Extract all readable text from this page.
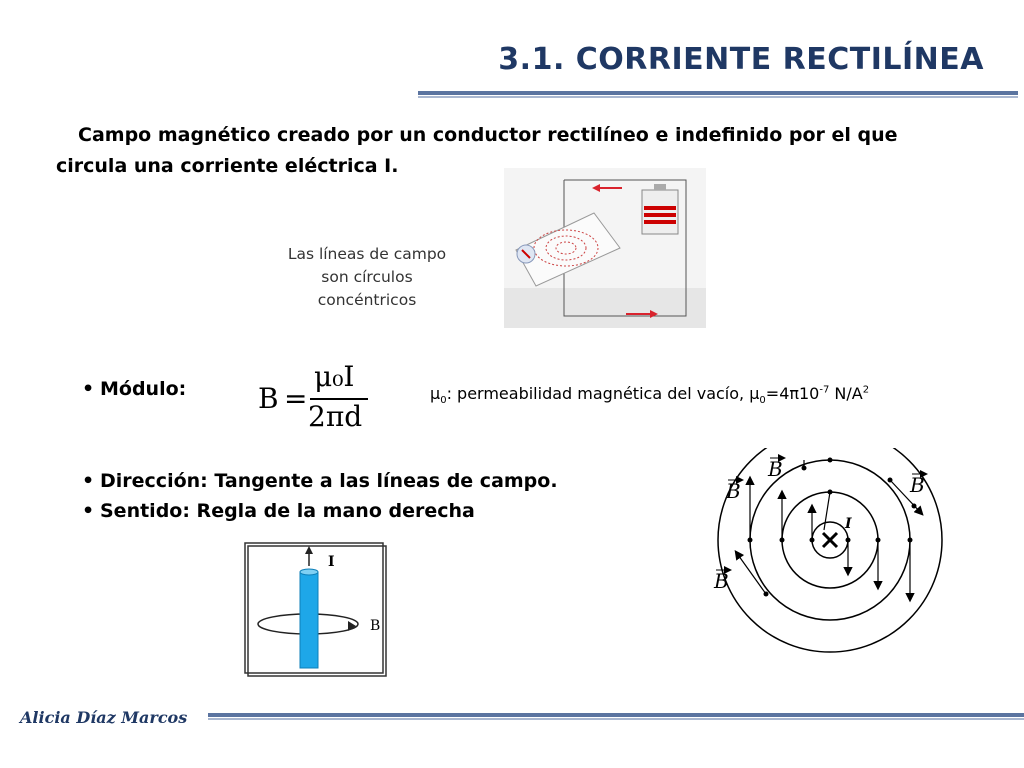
3.1. CORRIENTE RECTILÍNEA
Campo magnético creado por un conductor rectilíneo e indefinido por el que circula una corriente eléctrica I.
Las líneas de campo son círculos concéntricos
• Módulo:
• Dirección: Tangente a las líneas de campo.
• Sentido: Regla de la mano derecha
B =
μ₀I
2πd
$\mu_0$: permeabilidad magnética del vacío, $\mu_0=4\pi 10^{-7}$ $N/A^2$
I
B
B
B	B
B
I
Alicia Díaz Marcos
